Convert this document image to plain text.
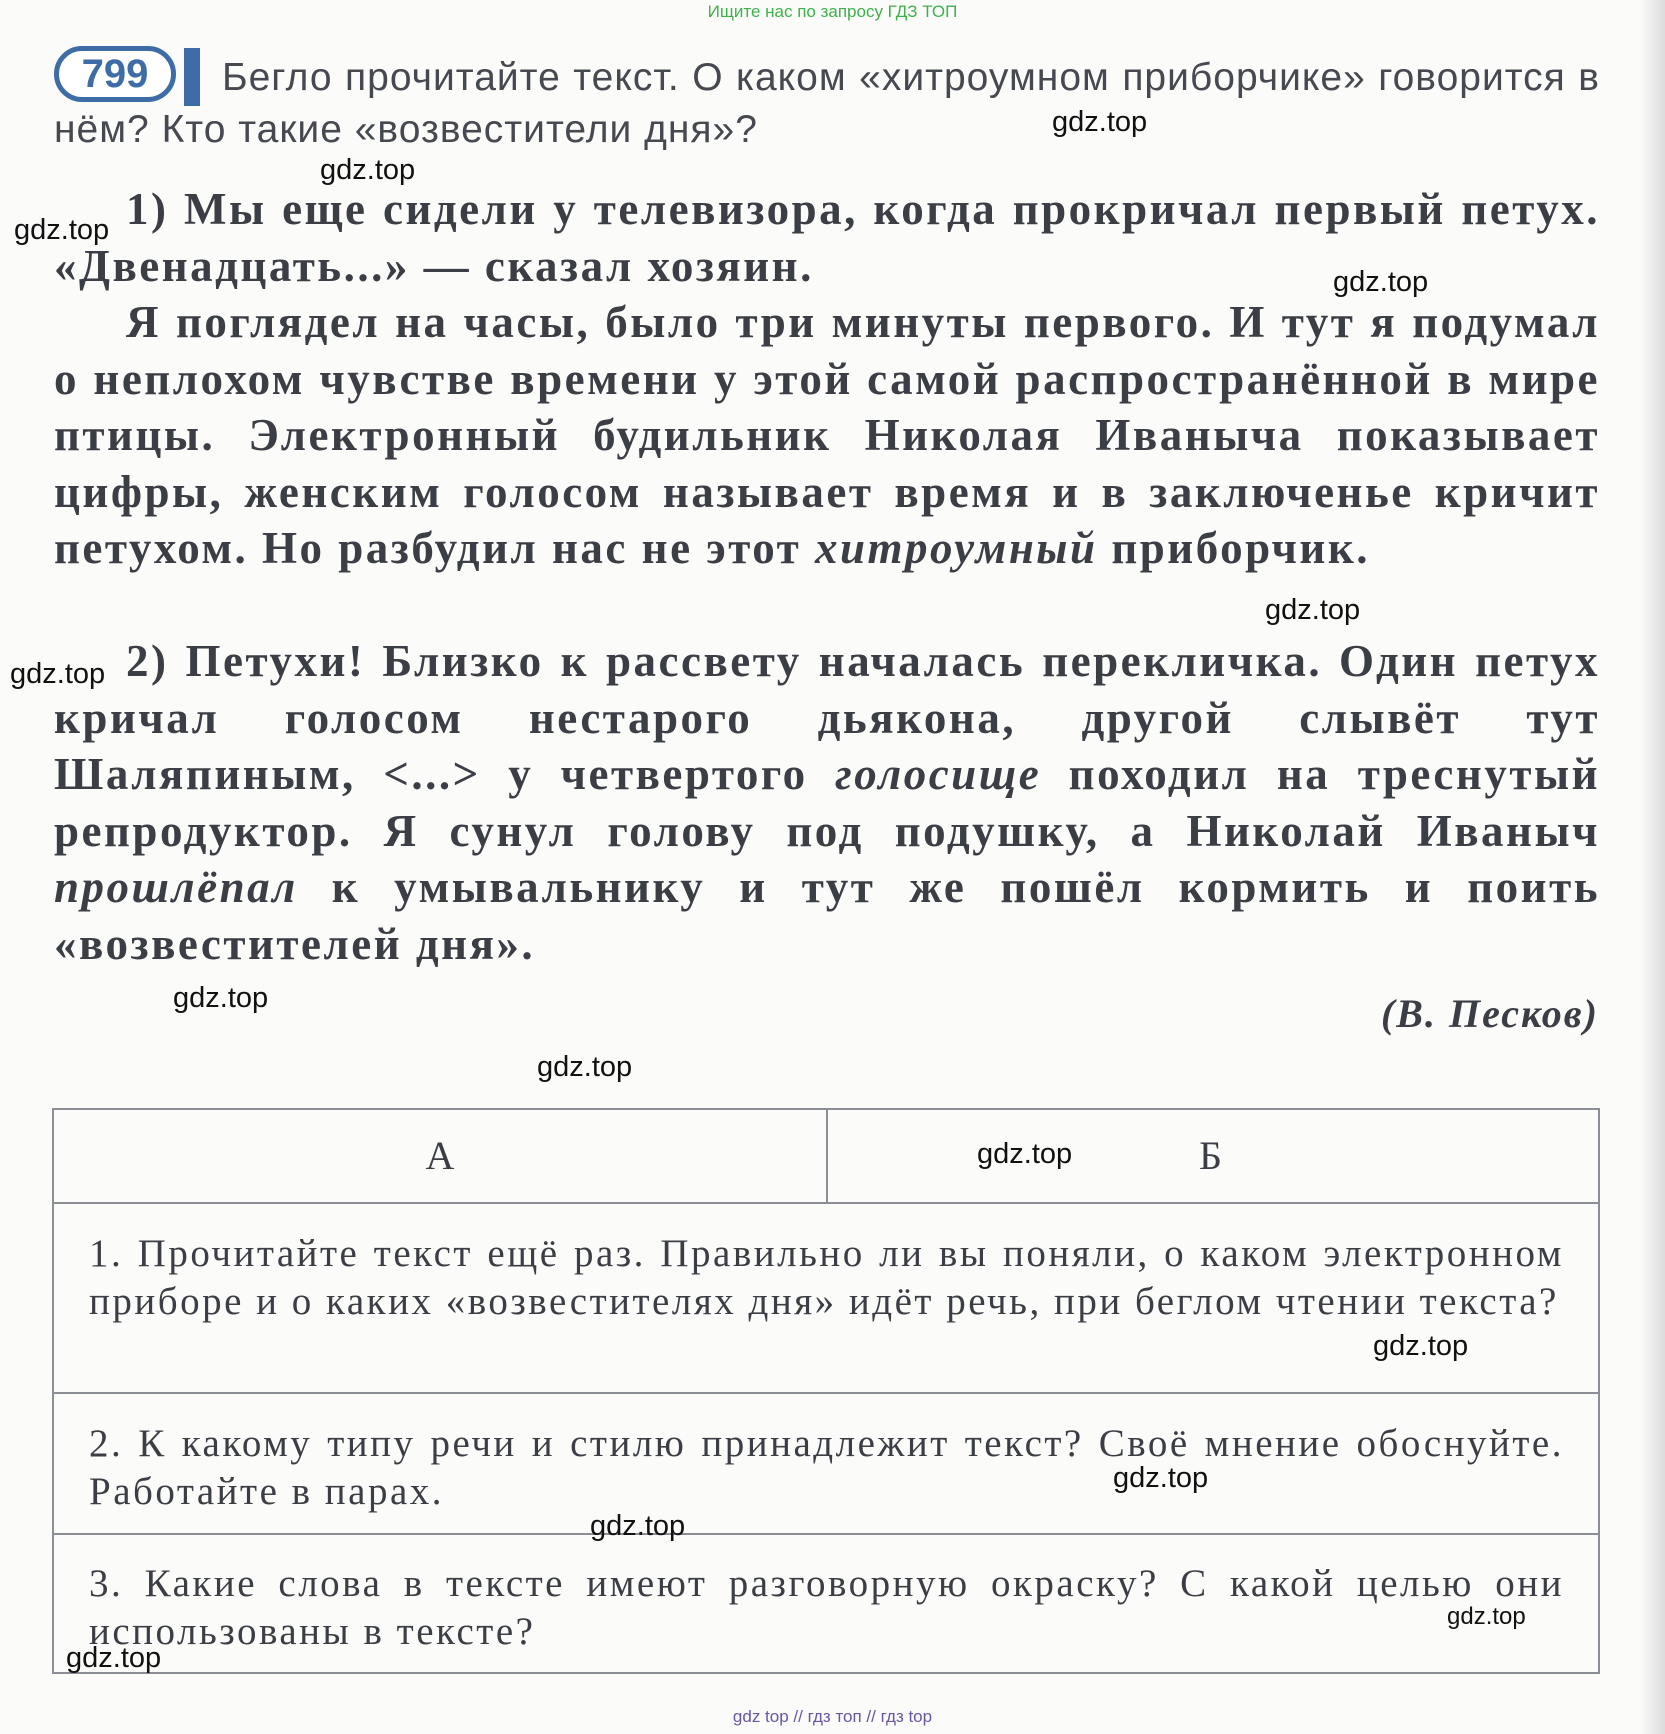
Ищите нас по запросу ГДЗ ТОП
Бегло прочитайте текст. О каком «хитроумном приборчике» говорится в нём? Кто такие «возвестители дня»?
799
1) Мы еще сидели у телевизора, когда прокричал первый петух. «Двенадцать...» — сказал хозяин.
Я поглядел на часы, было три минуты первого. И тут я подумал о неплохом чувстве времени у этой самой распространённой в мире птицы. Электронный будильник Николая Иваныча показывает цифры, женским голосом называет время и в заключенье кричит петухом. Но разбудил нас не этот хитроумный приборчик.
2) Петухи! Близко к рассвету началась перекличка. Один петух кричал голосом нестарого дьякона, другой слывёт тут Шаляпиным, <...> у четвертого голосище походил на треснутый репродуктор. Я сунул голову под подушку, а Николай Иваныч прошлёпал к умывальнику и тут же пошёл кормить и поить «возвестителей дня».
(В. Песков)
А	Б
1. Прочитайте текст ещё раз. Правильно ли вы поняли, о каком электронном приборе и о каких «возвестителях дня» идёт речь, при беглом чтении текста?
2. К какому типу речи и стилю принадлежит текст? Своё мнение обоснуйте. Работайте в парах.
3. Какие слова в тексте имеют разговорную окраску? С какой целью они использованы в тексте?
gdz.top
gdz.top
gdz.top
gdz.top
gdz.top
gdz.top
gdz.top
gdz.top
gdz.top
gdz.top
gdz.top
gdz.top
gdz.top
gdz.top
gdz top // гдз топ // гдз top
